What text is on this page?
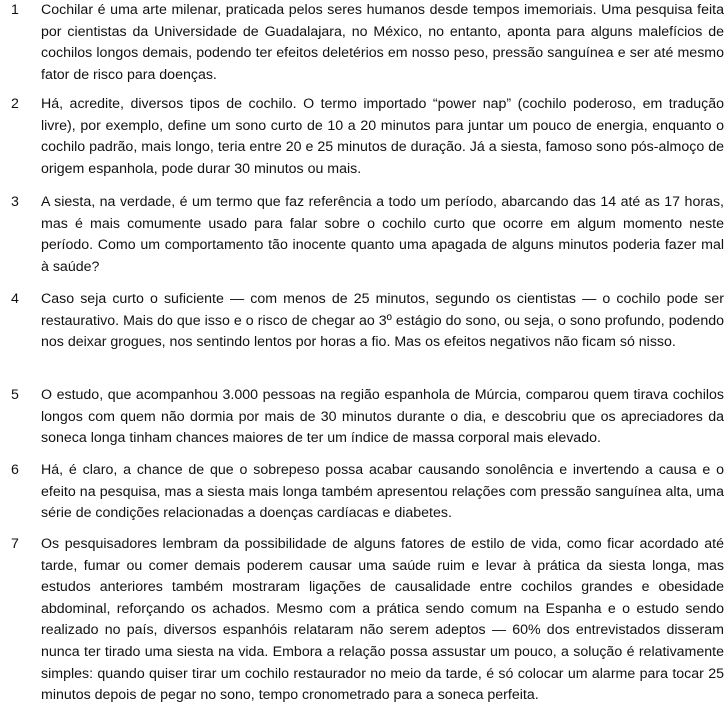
1 Cochilar é uma arte milenar, praticada pelos seres humanos desde tempos imemoriais. Uma pesquisa feita por cientistas da Universidade de Guadalajara, no México, no entanto, aponta para alguns malefícios de cochilos longos demais, podendo ter efeitos deletérios em nosso peso, pressão sanguínea e ser até mesmo fator de risco para doenças.

2 Há, acredite, diversos tipos de cochilo. O termo importado “power nap” (cochilo poderoso, em tradução livre), por exemplo, define um sono curto de 10 a 20 minutos para juntar um pouco de energia, enquanto o cochilo padrão, mais longo, teria entre 20 e 25 minutos de duração. Já a siesta, famoso sono pós-almoço de origem espanhola, pode durar 30 minutos ou mais.

3 A siesta, na verdade, é um termo que faz referência a todo um período, abarcando das 14 até as 17 horas, mas é mais comumente usado para falar sobre o cochilo curto que ocorre em algum momento neste período. Como um comportamento tão inocente quanto uma apagada de alguns minutos poderia fazer mal à saúde?

4 Caso seja curto o suficiente — com menos de 25 minutos, segundo os cientistas — o cochilo pode ser restaurativo. Mais do que isso e o risco de chegar ao 3º estágio do sono, ou seja, o sono profundo, podendo nos deixar grogues, nos sentindo lentos por horas a fio. Mas os efeitos negativos não ficam só nisso.

5 O estudo, que acompanhou 3.000 pessoas na região espanhola de Múrcia, comparou quem tirava cochilos longos com quem não dormia por mais de 30 minutos durante o dia, e descobriu que os apreciadores da soneca longa tinham chances maiores de ter um índice de massa corporal mais elevado.

6 Há, é claro, a chance de que o sobrepeso possa acabar causando sonolência e invertendo a causa e o efeito na pesquisa, mas a siesta mais longa também apresentou relações com pressão sanguínea alta, uma série de condições relacionadas a doenças cardíacas e diabetes.

7 Os pesquisadores lembram da possibilidade de alguns fatores de estilo de vida, como ficar acordado até tarde, fumar ou comer demais poderem causar uma saúde ruim e levar à prática da siesta longa, mas estudos anteriores também mostraram ligações de causalidade entre cochilos grandes e obesidade abdominal, reforçando os achados. Mesmo com a prática sendo comum na Espanha e o estudo sendo realizado no país, diversos espanhóis relataram não serem adeptos — 60% dos entrevistados disseram nunca ter tirado uma siesta na vida. Embora a relação possa assustar um pouco, a solução é relativamente simples: quando quiser tirar um cochilo restaurador no meio da tarde, é só colocar um alarme para tocar 25 minutos depois de pegar no sono, tempo cronometrado para a soneca perfeita.
